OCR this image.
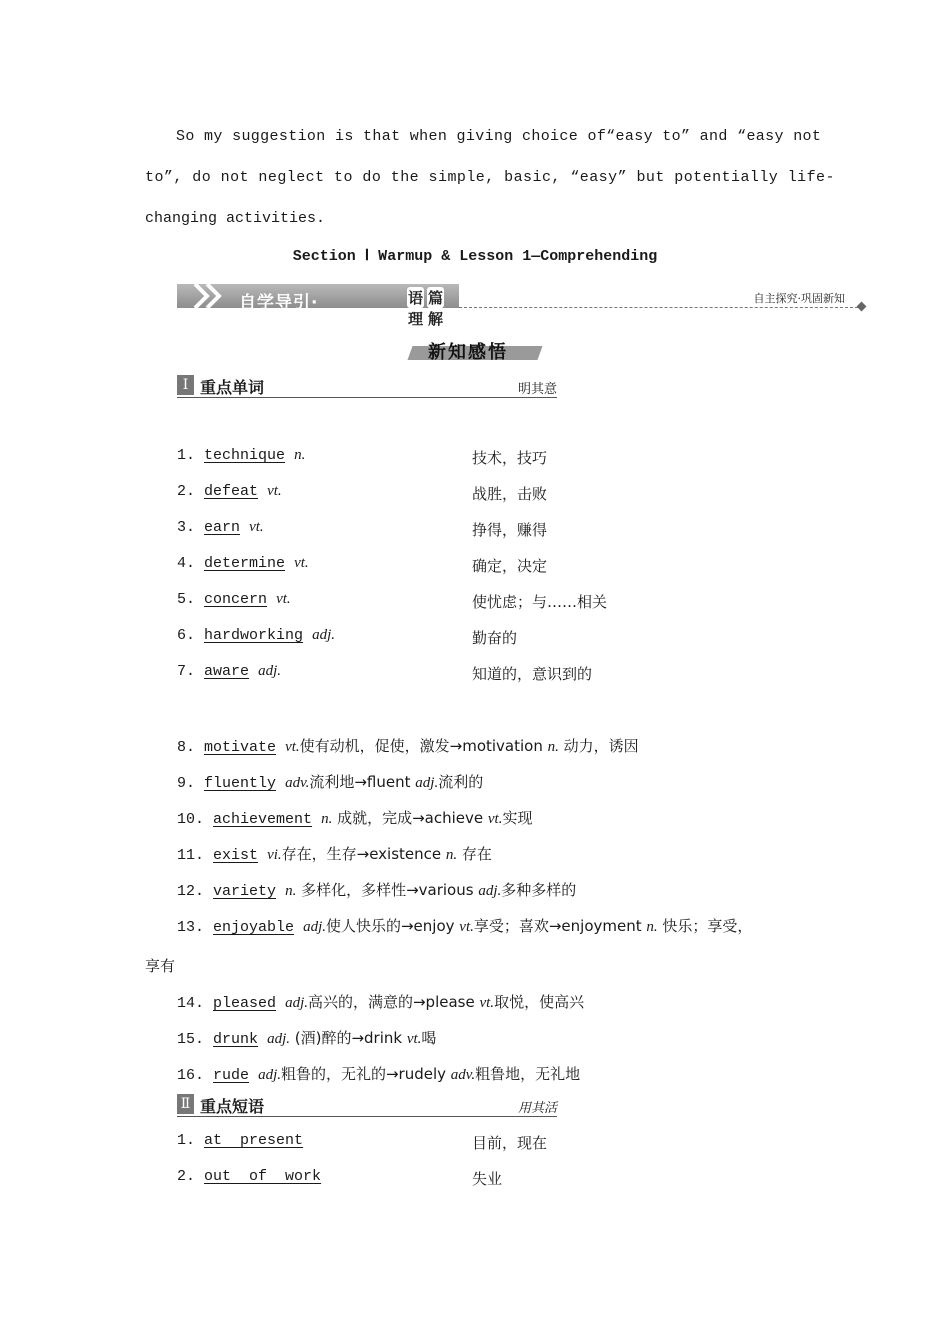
So my suggestion is that when giving choice of“easy to” and “easy not
to”, do not neglect to do the simple, basic, “easy” but potentially life-
changing activities.
Section Ⅰ Warmup & Lesson 1—Comprehending
自学导引·	语 篇理 解
自主探究·巩固新知
新知感悟
Ⅰ 重点单词	明其意
1. technique n.	技术，技巧
2. defeat vt.	战胜，击败
3. earn vt.	挣得，赚得
4. determine vt.	确定，决定
5. concern vt.	使忧虑；与……相关
6. hardworking adj.	勤奋的
7. aware adj.	知道的，意识到的
8. motivate vt.使有动机，促使，激发→motivation n. 动力，诱因
9. fluently adv.流利地→fluent adj.流利的
10. achievement n. 成就，完成→achieve vt.实现
11. exist vi.存在，生存→existence n. 存在
12. variety n. 多样化，多样性→various adj.多种多样的
13. enjoyable adj.使人快乐的→enjoy vt.享受；喜欢→enjoyment n. 快乐；享受，
享有
14. pleased adj.高兴的，满意的→please vt.取悦，使高兴
15. drunk adj. (酒)醉的→drink vt.喝
16. rude adj.粗鲁的，无礼的→rudely adv.粗鲁地，无礼地
Ⅱ 重点短语	用其活
1. at  present	目前，现在
2. out  of  work	失业
